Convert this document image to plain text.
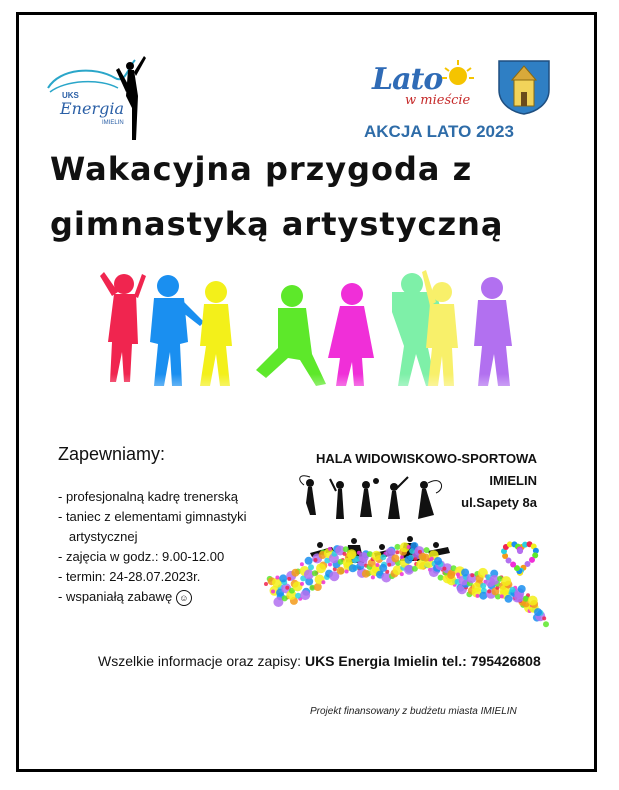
UKS
Energia
IMIELIN
Lato
w mieście
AKCJA LATO 2023
Wakacyjna przygoda z
gimnastyką artystyczną
Zapewniamy:
- profesjonalną kadrę trenerską
- taniec z elementami gimnastyki
artystycznej
- zajęcia w godz.: 9.00-12.00
- termin: 24-28.07.2023r.
- wspaniałą zabawę ☺
HALA WIDOWISKOWO-SPORTOWA
IMIELIN
ul.Sapety 8a
Wszelkie informacje oraz zapisy: UKS Energia Imielin tel.: 795426808
Projekt finansowany z budżetu miasta IMIELIN
